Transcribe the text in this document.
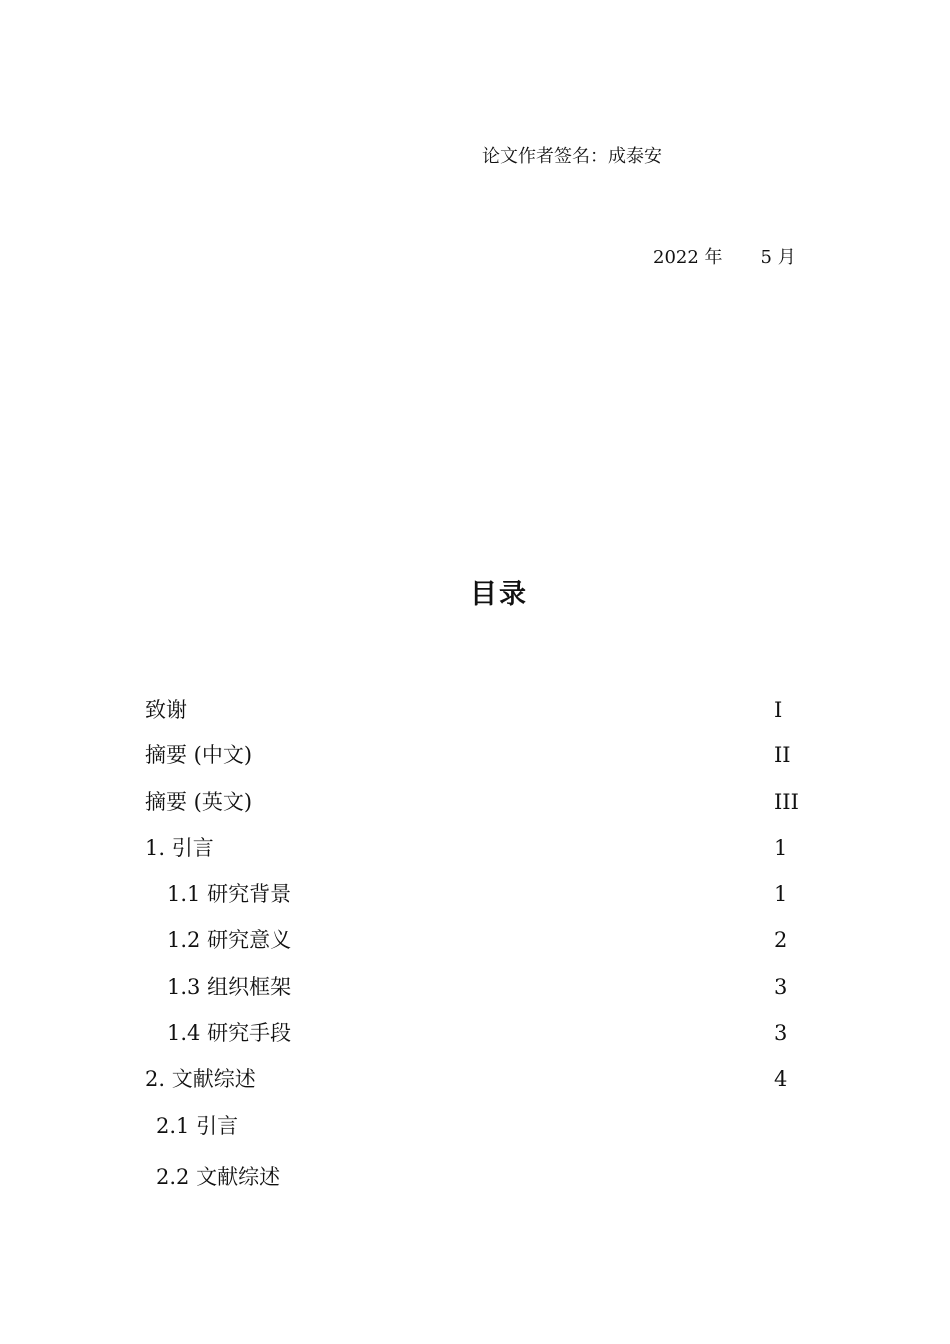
论文作者签名：成泰安
2022 年 5 月
目录
致谢	I
摘要 (中文)	II
摘要 (英文)	III
1. 引言	1
1.1 研究背景	1
1.2 研究意义	2
1.3 组织框架	3
1.4 研究手段	3
2. 文献综述	4
2.1 引言
2.2 文献综述
